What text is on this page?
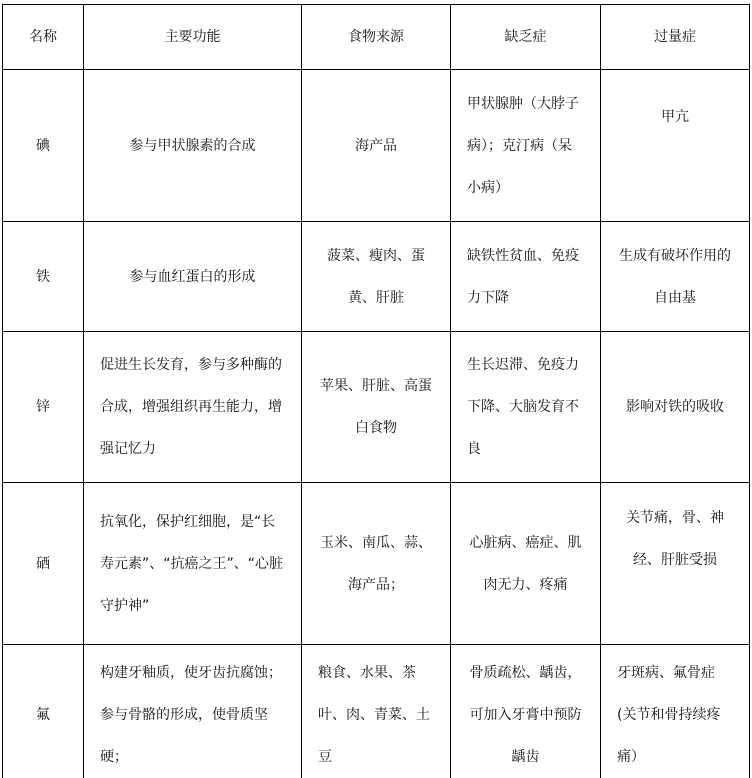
名称	主要功能	食物来源	缺乏症	过量症
碘	参与甲状腺素的合成	海产品	甲状腺肿（大脖子病）；克汀病（呆小病）	甲亢
铁	参与血红蛋白的形成	菠菜、瘦肉、蛋黄、肝脏	缺铁性贫血、免疫力下降	生成有破坏作用的自由基
锌	促进生长发育，参与多种酶的合成，增强组织再生能力，增强记忆力	苹果、肝脏、高蛋白食物	生长迟滞、免疫力下降、大脑发育不良	影响对铁的吸收
硒	抗氧化，保护红细胞，是“长寿元素”、“抗癌之王”、“心脏守护神”	玉米、南瓜、蒜、海产品；	心脏病、癌症、肌肉无力、疼痛	关节痛，骨、神经、肝脏受损
氟	构建牙釉质，使牙齿抗腐蚀；参与骨骼的形成，使骨质坚硬；	粮食、水果、茶叶、肉、青菜、土豆	骨质疏松、龋齿，可加入牙膏中预防龋齿	牙斑病、氟骨症(关节和骨持续疼痛）
